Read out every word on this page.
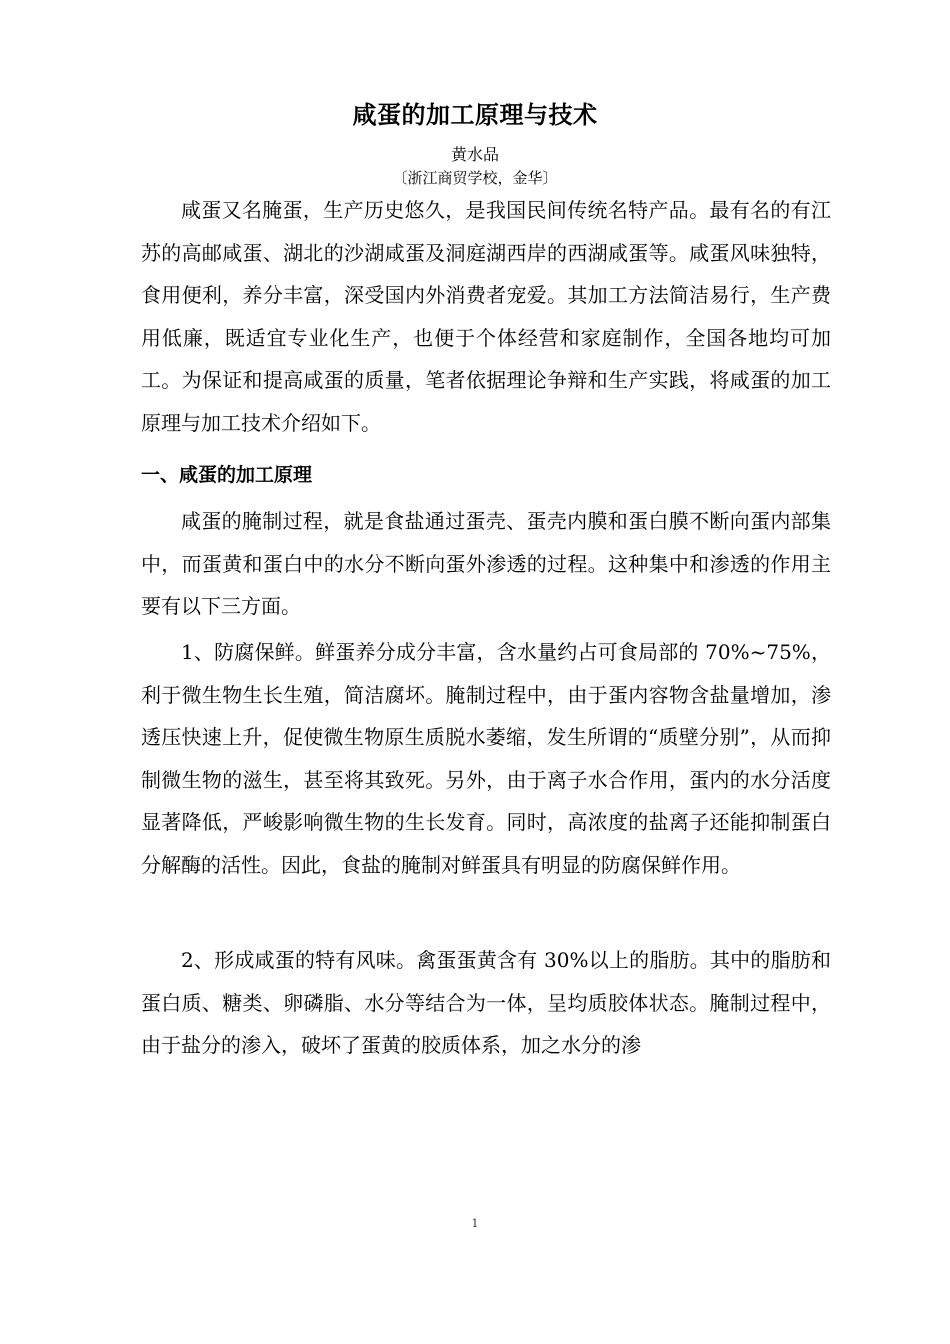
咸蛋的加工原理与技术
黄水品
〔浙江商贸学校，金华〕
咸蛋又名腌蛋，生产历史悠久，是我国民间传统名特产品。最有名的有江苏的高邮咸蛋、湖北的沙湖咸蛋及洞庭湖西岸的西湖咸蛋等。咸蛋风味独特，食用便利，养分丰富，深受国内外消费者宠爱。其加工方法简洁易行，生产费用低廉，既适宜专业化生产，也便于个体经营和家庭制作，全国各地均可加工。为保证和提高咸蛋的质量，笔者依据理论争辩和生产实践，将咸蛋的加工原理与加工技术介绍如下。
一、咸蛋的加工原理
咸蛋的腌制过程，就是食盐通过蛋壳、蛋壳内膜和蛋白膜不断向蛋内部集中，而蛋黄和蛋白中的水分不断向蛋外渗透的过程。这种集中和渗透的作用主要有以下三方面。
1、防腐保鲜。鲜蛋养分成分丰富，含水量约占可食局部的 70%~75%，利于微生物生长生殖，简洁腐坏。腌制过程中，由于蛋内容物含盐量增加，渗透压快速上升，促使微生物原生质脱水萎缩，发生所谓的“质壁分别”，从而抑制微生物的滋生，甚至将其致死。另外，由于离子水合作用，蛋内的水分活度显著降低，严峻影响微生物的生长发育。同时，高浓度的盐离子还能抑制蛋白分解酶的活性。因此，食盐的腌制对鲜蛋具有明显的防腐保鲜作用。
2、形成咸蛋的特有风味。禽蛋蛋黄含有 30%以上的脂肪。其中的脂肪和蛋白质、糖类、卵磷脂、水分等结合为一体，呈均质胶体状态。腌制过程中，由于盐分的渗入，破坏了蛋黄的胶质体系，加之水分的渗
1
